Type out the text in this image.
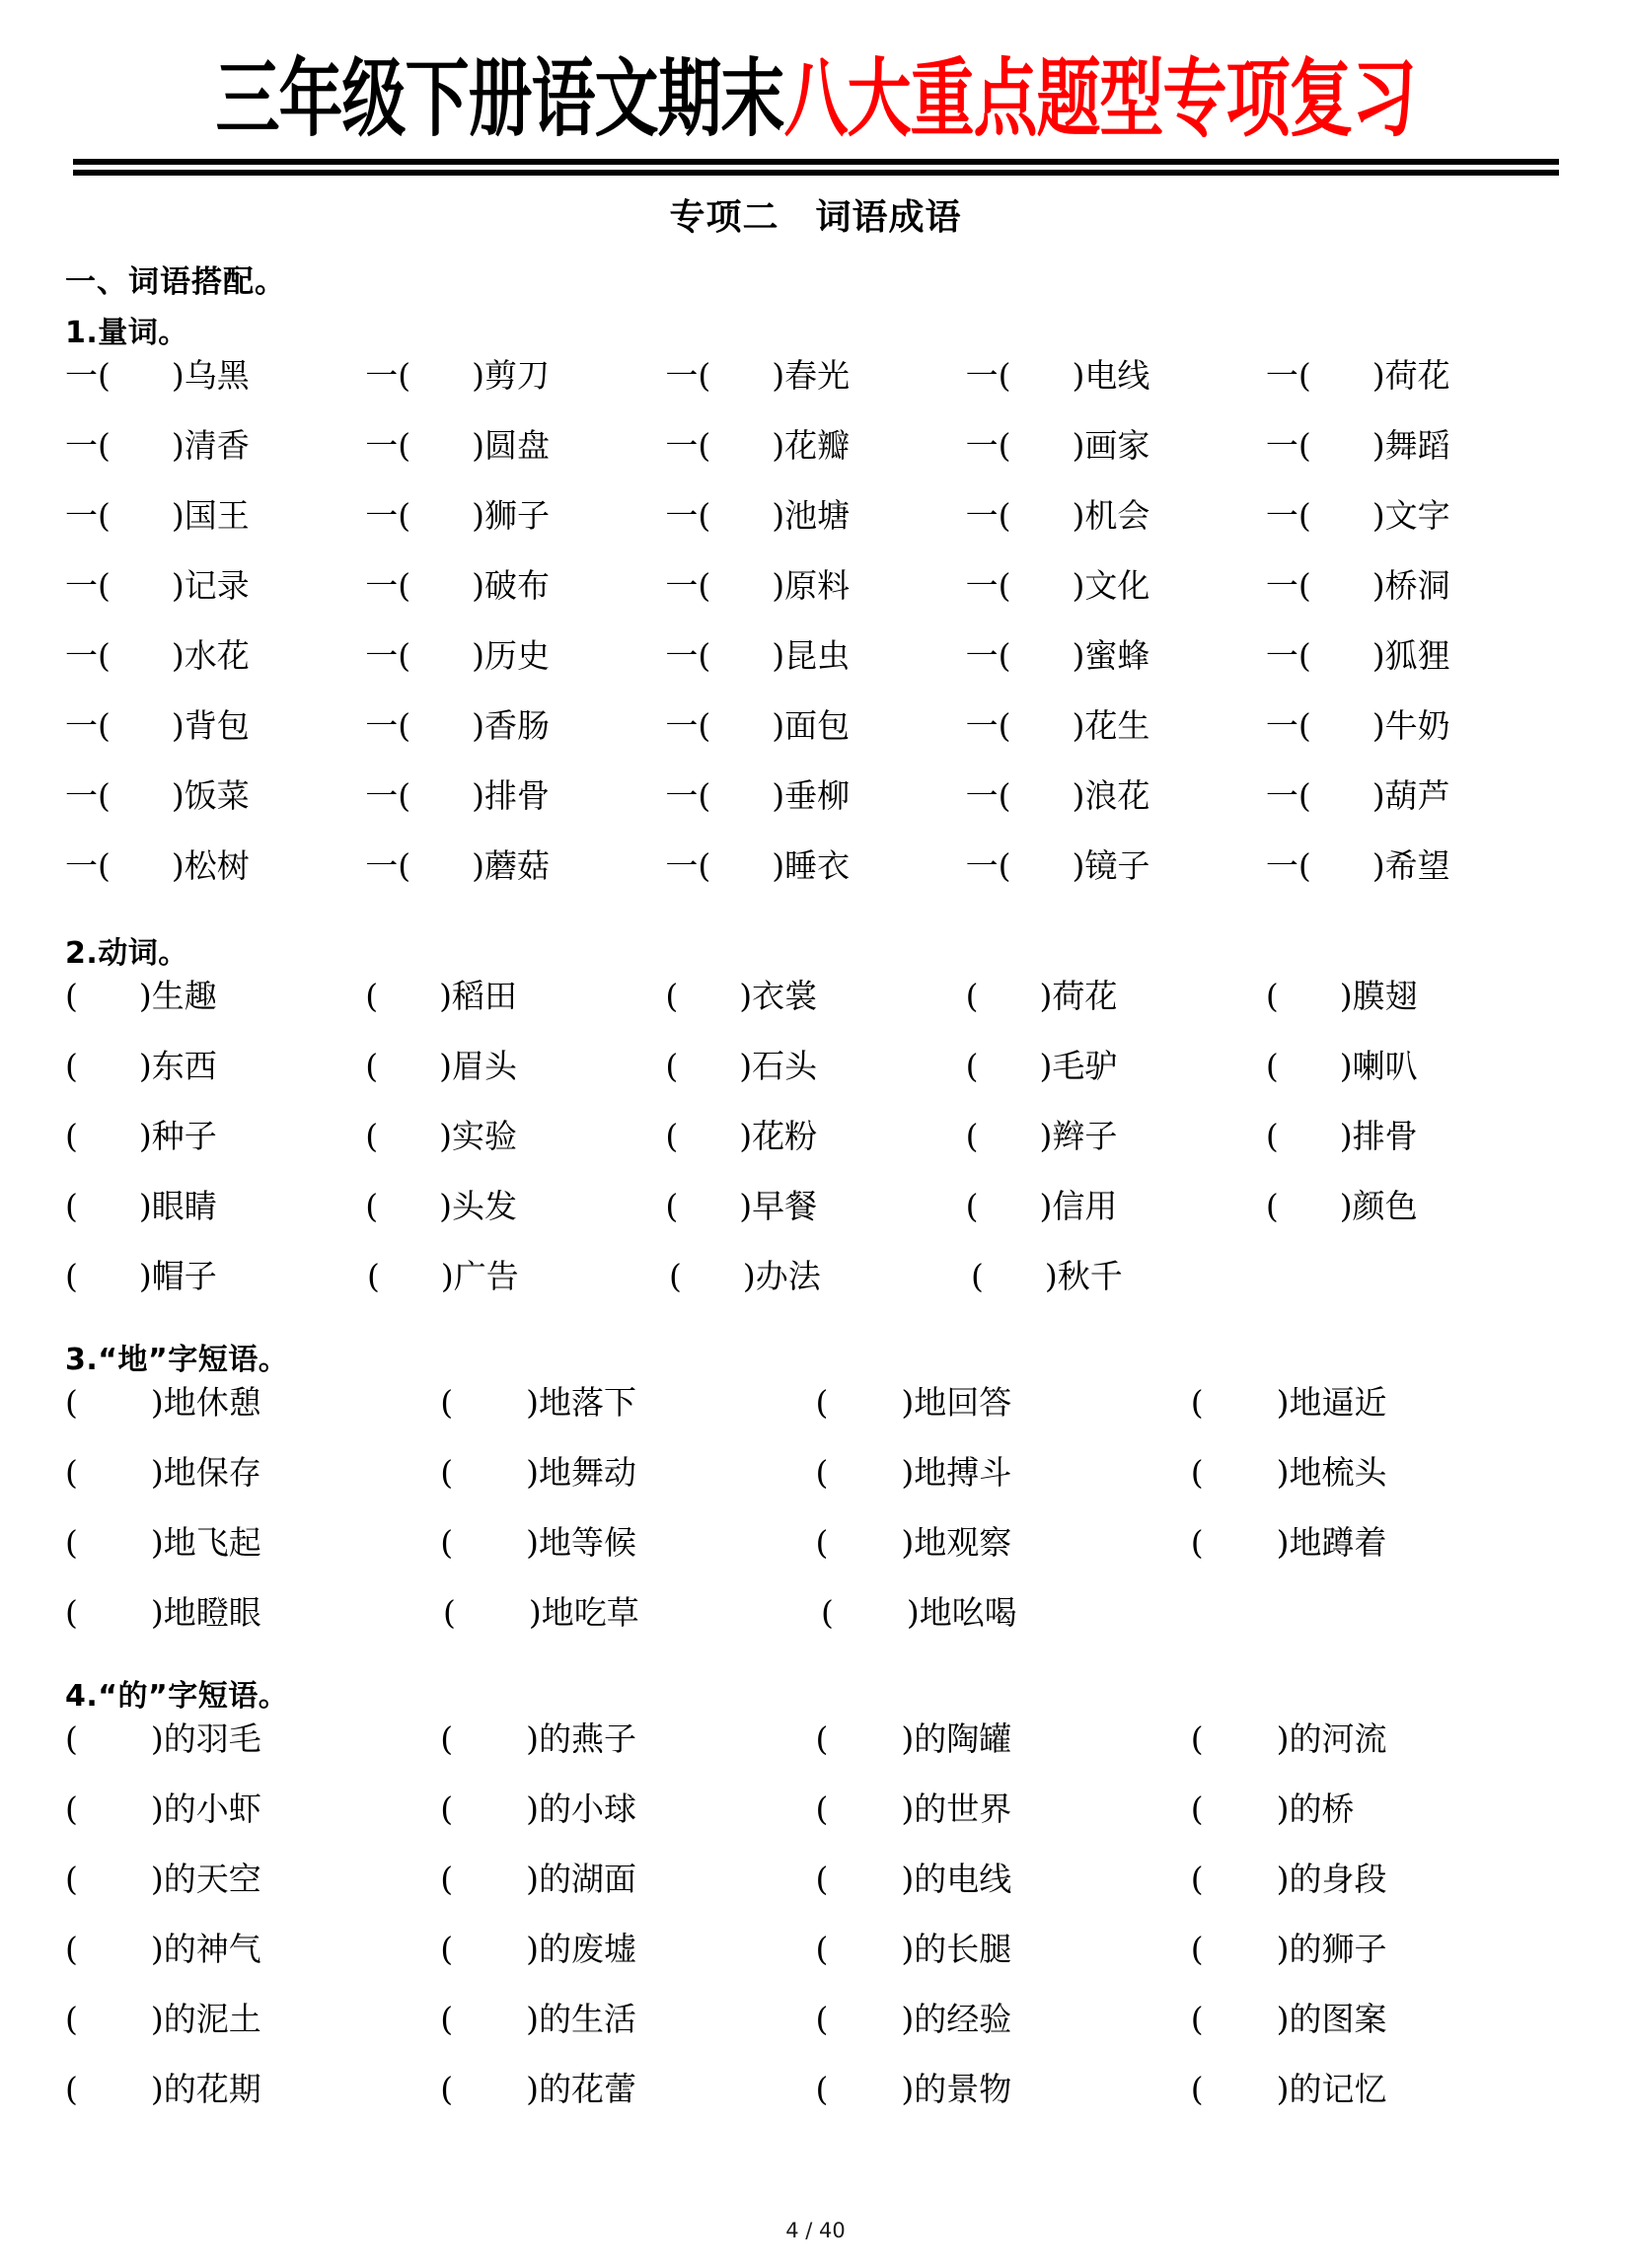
三年级下册语文期末八大重点题型专项复习
专项二　词语成语
一、词语搭配。
1.量词。
一( )乌黑	一( )剪刀	一( )春光	一( )电线	一( )荷花
一( )清香	一( )圆盘	一( )花瓣	一( )画家	一( )舞蹈
一( )国王	一( )狮子	一( )池塘	一( )机会	一( )文字
一( )记录	一( )破布	一( )原料	一( )文化	一( )桥洞
一( )水花	一( )历史	一( )昆虫	一( )蜜蜂	一( )狐狸
一( )背包	一( )香肠	一( )面包	一( )花生	一( )牛奶
一( )饭菜	一( )排骨	一( )垂柳	一( )浪花	一( )葫芦
一( )松树	一( )蘑菇	一( )睡衣	一( )镜子	一( )希望
2.动词。
( )生趣	( )稻田	( )衣裳	( )荷花	( )膜翅
( )东西	( )眉头	( )石头	( )毛驴	( )喇叭
( )种子	( )实验	( )花粉	( )辫子	( )排骨
( )眼睛	( )头发	( )早餐	( )信用	( )颜色
( )帽子	( )广告	( )办法	( )秋千
3.“地”字短语。
( )地休憩	( )地落下	( )地回答	( )地逼近
( )地保存	( )地舞动	( )地搏斗	( )地梳头
( )地飞起	( )地等候	( )地观察	( )地蹲着
( )地瞪眼	( )地吃草	( )地吆喝
4.“的”字短语。
( )的羽毛	( )的燕子	( )的陶罐	( )的河流
( )的小虾	( )的小球	( )的世界	( )的桥
( )的天空	( )的湖面	( )的电线	( )的身段
( )的神气	( )的废墟	( )的长腿	( )的狮子
( )的泥土	( )的生活	( )的经验	( )的图案
( )的花期	( )的花蕾	( )的景物	( )的记忆
4 / 40
